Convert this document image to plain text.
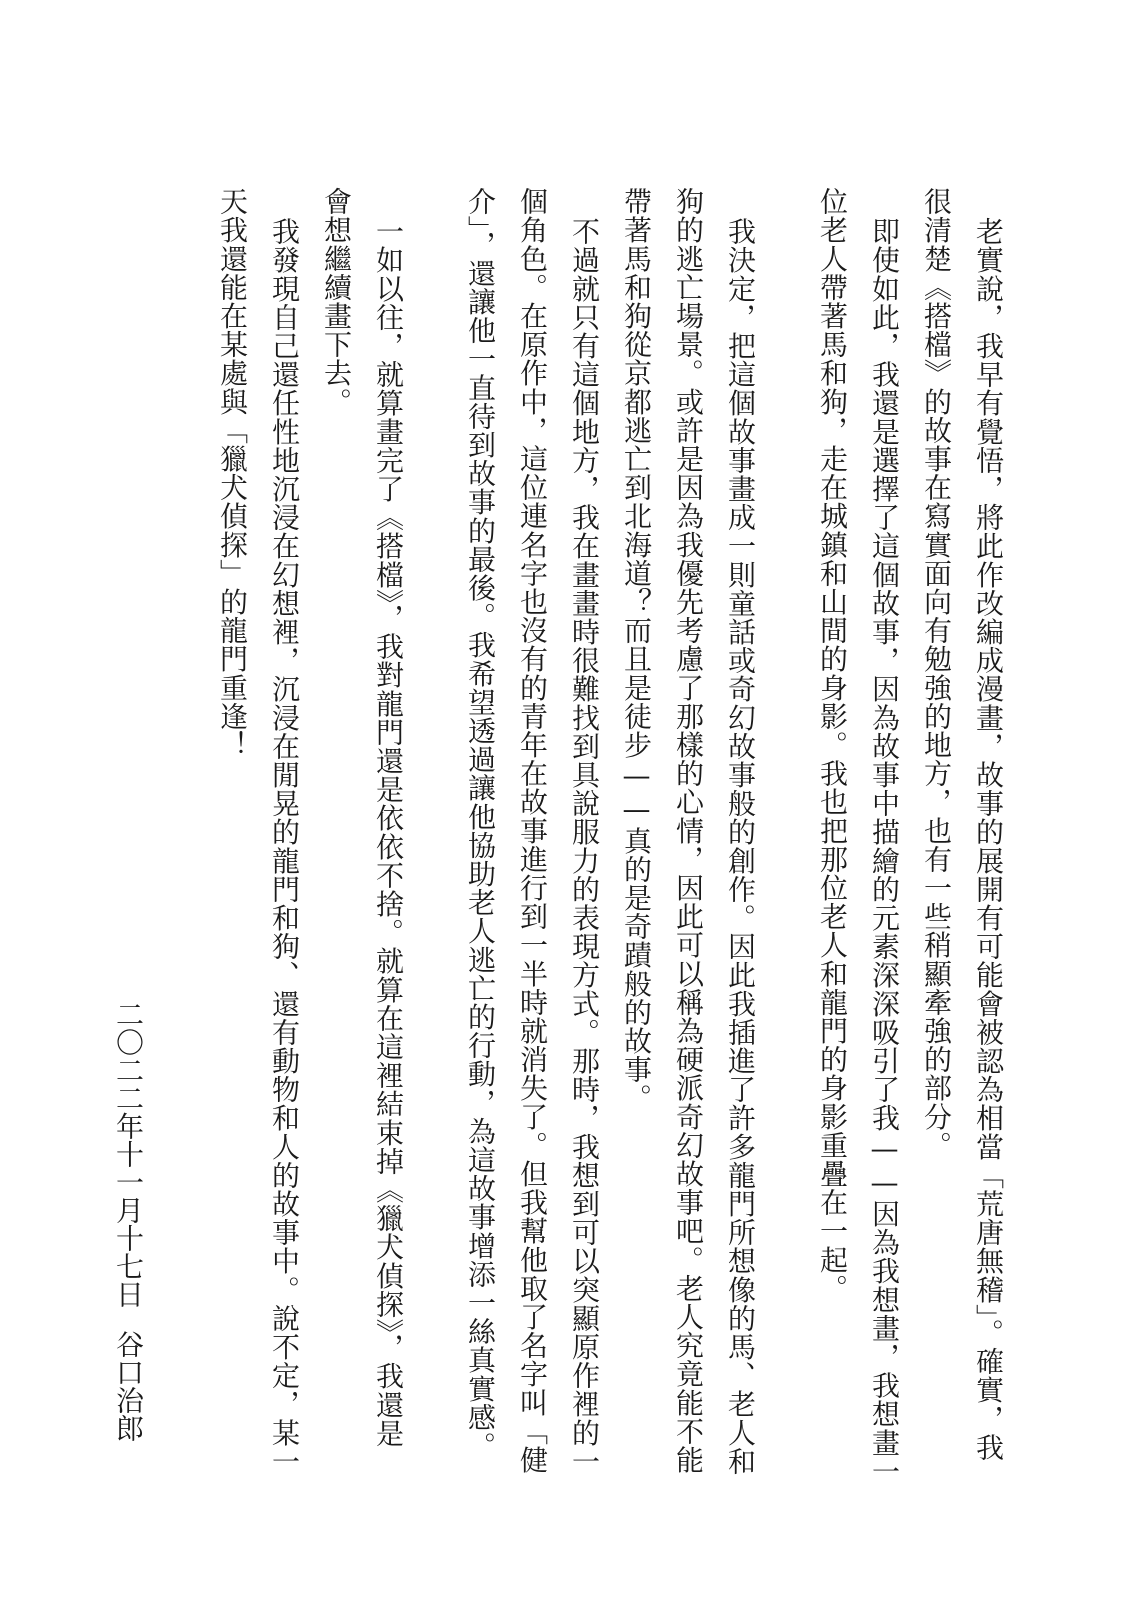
老實說，我早有覺悟，將此作改編成漫畫，故事的展開有可能會被認為相當「荒唐無稽」。確實，我
很清楚《搭檔》的故事在寫實面向有勉強的地方，也有一些稍顯牽強的部分。
即使如此，我還是選擇了這個故事，因為故事中描繪的元素深深吸引了我——因為我想畫，我想畫一
位老人帶著馬和狗，走在城鎮和山間的身影。我也把那位老人和龍門的身影重疊在一起。
我決定，把這個故事畫成一則童話或奇幻故事般的創作。因此我插進了許多龍門所想像的馬、老人和
狗的逃亡場景。或許是因為我優先考慮了那樣的心情，因此可以稱為硬派奇幻故事吧。老人究竟能不能
帶著馬和狗從京都逃亡到北海道？而且是徒步——真的是奇蹟般的故事。
不過就只有這個地方，我在畫畫時很難找到具說服力的表現方式。那時，我想到可以突顯原作裡的一
個角色。在原作中，這位連名字也沒有的青年在故事進行到一半時就消失了。但我幫他取了名字叫「健
介」，還讓他一直待到故事的最後。我希望透過讓他協助老人逃亡的行動，為這故事增添一絲真實感。
一如以往，就算畫完了《搭檔》，我對龍門還是依依不捨。就算在這裡結束掉《獵犬偵探》，我還是
會想繼續畫下去。
我發現自己還任性地沉浸在幻想裡，沉浸在閒晃的龍門和狗、還有動物和人的故事中。說不定，某一
天我還能在某處與「獵犬偵探」的龍門重逢！
二〇二二年十一月十七日谷口治郎
